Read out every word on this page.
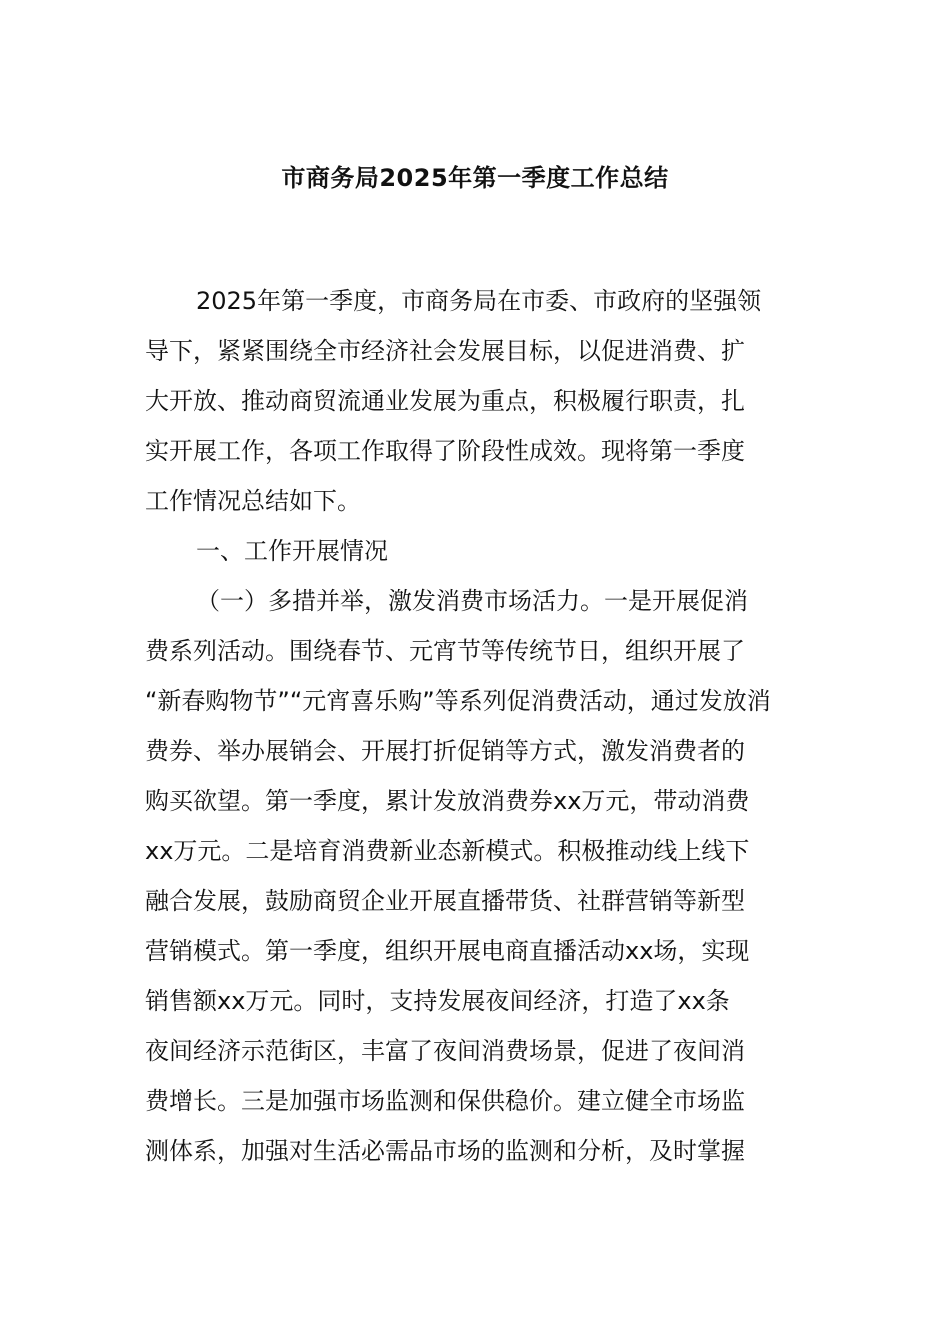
市商务局2025年第一季度工作总结
2025年第一季度，市商务局在市委、市政府的坚强领
导下，紧紧围绕全市经济社会发展目标，以促进消费、扩
大开放、推动商贸流通业发展为重点，积极履行职责，扎
实开展工作，各项工作取得了阶段性成效。现将第一季度
工作情况总结如下。
一、工作开展情况
（一）多措并举，激发消费市场活力。一是开展促消
费系列活动。围绕春节、元宵节等传统节日，组织开展了
“新春购物节”“元宵喜乐购”等系列促消费活动，通过发放消
费券、举办展销会、开展打折促销等方式，激发消费者的
购买欲望。第一季度，累计发放消费券xx万元，带动消费
xx万元。二是培育消费新业态新模式。积极推动线上线下
融合发展，鼓励商贸企业开展直播带货、社群营销等新型
营销模式。第一季度，组织开展电商直播活动xx场，实现
销售额xx万元。同时，支持发展夜间经济，打造了xx条
夜间经济示范街区，丰富了夜间消费场景，促进了夜间消
费增长。三是加强市场监测和保供稳价。建立健全市场监
测体系，加强对生活必需品市场的监测和分析，及时掌握
